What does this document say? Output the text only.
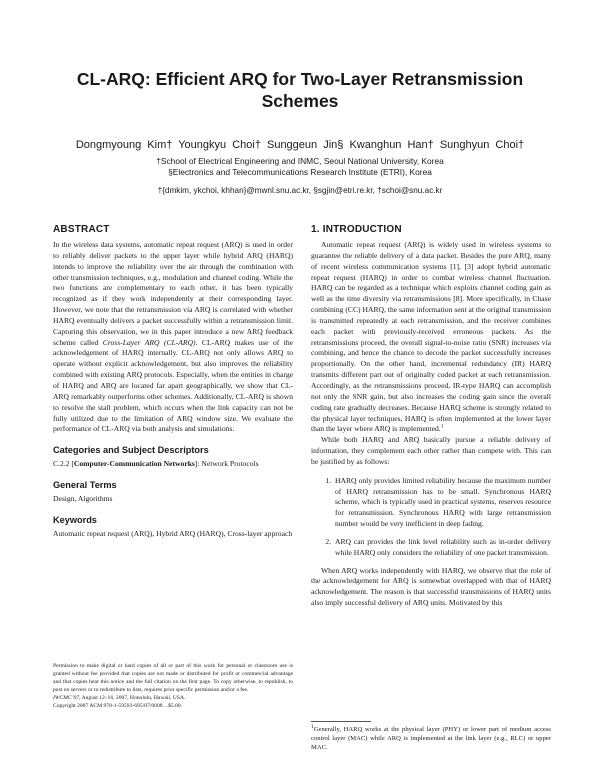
CL-ARQ: Efficient ARQ for Two-Layer Retransmission Schemes
Dongmyoung Kim† Youngkyu Choi† Sunggeun Jin§ Kwanghun Han† Sunghyun Choi†
†School of Electrical Engineering and INMC, Seoul National University, Korea
§Electronics and Telecommunications Research Institute (ETRI), Korea
†{dmkim, ykchoi, khhan}@mwnl.snu.ac.kr, §sgjin@etri.re.kr, †schoi@snu.ac.kr
ABSTRACT

In the wireless data systems, automatic repeat request (ARQ) is used in order to reliably deliver packets to the upper layer while hybrid ARQ (HARQ) intends to improve the reliability over the air through the combination with other transmission techniques, e.g., modulation and channel coding. While the two functions are complementary to each other, it has been typically recognized as if they work independently at their corresponding layer. However, we note that the retransmission via ARQ is correlated with whether HARQ eventually delivers a packet successfully within a retransmission limit. Capturing this observation, we in this paper introduce a new ARQ feedback scheme called Cross-Layer ARQ (CL-ARQ). CL-ARQ makes use of the acknowledgement of HARQ internally. CL-ARQ not only allows ARQ to operate without explicit acknowledgement, but also improves the reliability combined with existing ARQ protocols. Especially, when the entities in charge of HARQ and ARQ are located far apart geographically, we show that CL-ARQ remarkably outperforms other schemes. Additionally, CL-ARQ is shown to resolve the stall problem, which occurs when the link capacity can not be fully utilized due to the limitation of ARQ window size. We evaluate the performance of CL-ARQ via both analysis and simulations.

Categories and Subject Descriptors

C.2.2 [Computer-Communication Networks]: Network Protocols

General Terms

Design, Algorithms

Keywords

Automatic repeat request (ARQ), Hybrid ARQ (HARQ), Cross-layer approach

Permission to make digital or hard copies of all or part of this work for personal or classroom use is granted without fee provided that copies are not made or distributed for profit or commercial advantage and that copies bear this notice and the full citation on the first page. To copy otherwise, to republish, to post on servers or to redistribute to lists, requires prior specific permission and/or a fee.

IWCMC’07, August 12–16, 2007, Honolulu, Hawaii, USA.

Copyright 2007 ACM 978-1-59593-695/07/0008 ...$5.00.

1. INTRODUCTION

Automatic repeat request (ARQ) is widely used in wireless systems to guarantee the reliable delivery of a data packet. Besides the pure ARQ, many of recent wireless communication systems [1], [3] adopt hybrid automatic repeat request (HARQ) in order to combat wireless channel fluctuation. HARQ can be regarded as a technique which exploits channel coding gain as well as the time diversity via retransmissions [8]. More specifically, in Chase combining (CC) HARQ, the same information sent at the original transmission is transmitted repeatedly at each retransmission, and the receiver combines each packet with previously-received erroneous packets. As the retransmissions proceed, the overall signal-to-noise ratio (SNR) increases via combining, and hence the chance to decode the packet successfully increases proportionally. On the other hand, incremental redundancy (IR) HARQ transmits different part out of originally coded packet at each retransmission. Accordingly, as the retransmissions proceed, IR-type HARQ can accomplish not only the SNR gain, but also increases the coding gain since the overall coding rate gradually decreases. Because HARQ scheme is strongly related to the physical layer techniques, HARQ is often implemented at the lower layer than the layer where ARQ is implemented.$^1$

While both HARQ and ARQ basically pursue a reliable delivery of information, they complement each other rather than compete with. This can be justified by as follows:

1. HARQ only provides limited reliability because the maximum number of HARQ retransmission has to be small. Synchronous HARQ scheme, which is typically used in practical systems, reserves resource for retransmission. Synchronous HARQ with large retransmission number would be very inefficient in deep fading.
2. ARQ can provides the link level reliability such as in-order delivery while HARQ only considers the reliability of one packet transmission.

When ARQ works independently with HARQ, we observe that the role of the acknowledgement for ARQ is somewhat overlapped with that of HARQ acknowledgement. The reason is that successful transmissions of HARQ units also imply successful delivery of ARQ units. Motivated by this

$^1$Generally, HARQ works at the physical layer (PHY) or lower part of medium access control layer (MAC) while ARQ is implemented at the link layer (e.g., RLC) or upper MAC.
